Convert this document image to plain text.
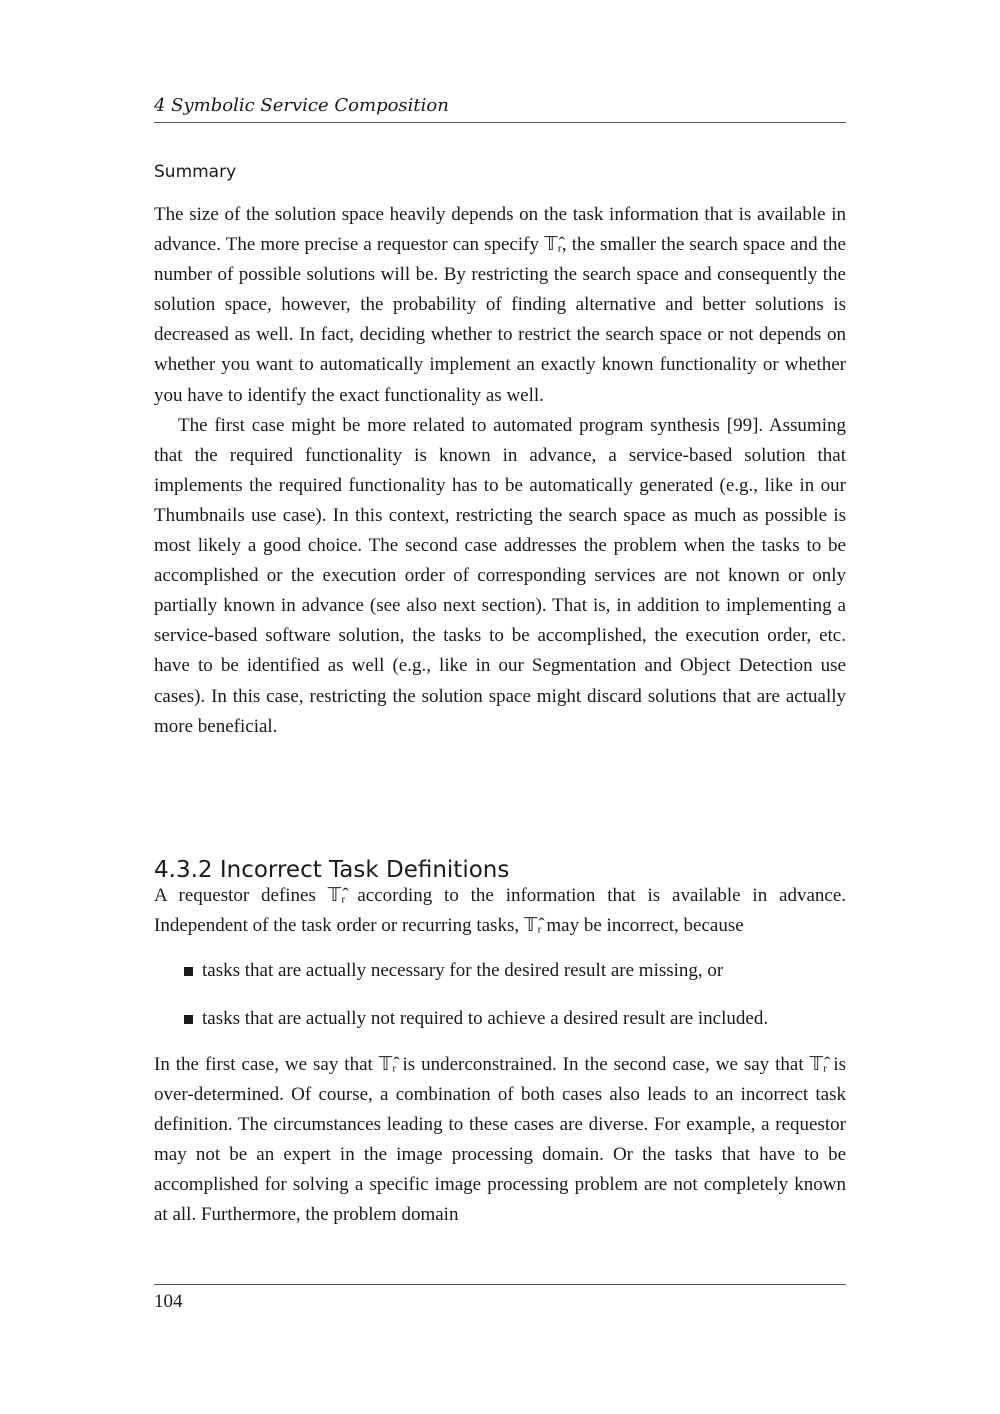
4 Symbolic Service Composition
Summary

The size of the solution space heavily depends on the task information that is available in advance. The more precise a requestor can specify 𝕋ᵣ̂, the smaller the search space and the number of possible solutions will be. By restricting the search space and consequently the solution space, however, the probability of finding alternative and better solutions is decreased as well. In fact, deciding whether to restrict the search space or not depends on whether you want to automatically implement an exactly known functionality or whether you have to identify the exact functionality as well.

The first case might be more related to automated program synthesis [99]. Assuming that the required functionality is known in advance, a service-based solution that implements the required functionality has to be automatically generated (e.g., like in our Thumbnails use case). In this context, restricting the search space as much as possible is most likely a good choice. The second case addresses the problem when the tasks to be accomplished or the execution order of corresponding services are not known or only partially known in advance (see also next section). That is, in addition to implementing a service-based software solution, the tasks to be accomplished, the execution order, etc. have to be identified as well (e.g., like in our Segmentation and Object Detection use cases). In this case, restricting the solution space might discard solutions that are actually more beneficial.

4.3.2 Incorrect Task Definitions

A requestor defines 𝕋ᵣ̂ according to the information that is available in advance. Independent of the task order or recurring tasks, 𝕋ᵣ̂ may be incorrect, because

tasks that are actually necessary for the desired result are missing, or
tasks that are actually not required to achieve a desired result are included.

In the first case, we say that 𝕋ᵣ̂ is underconstrained. In the second case, we say that 𝕋ᵣ̂ is over-determined. Of course, a combination of both cases also leads to an incorrect task definition. The circumstances leading to these cases are diverse. For example, a requestor may not be an expert in the image processing domain. Or the tasks that have to be accomplished for solving a specific image processing problem are not completely known at all. Furthermore, the problem domain

104
